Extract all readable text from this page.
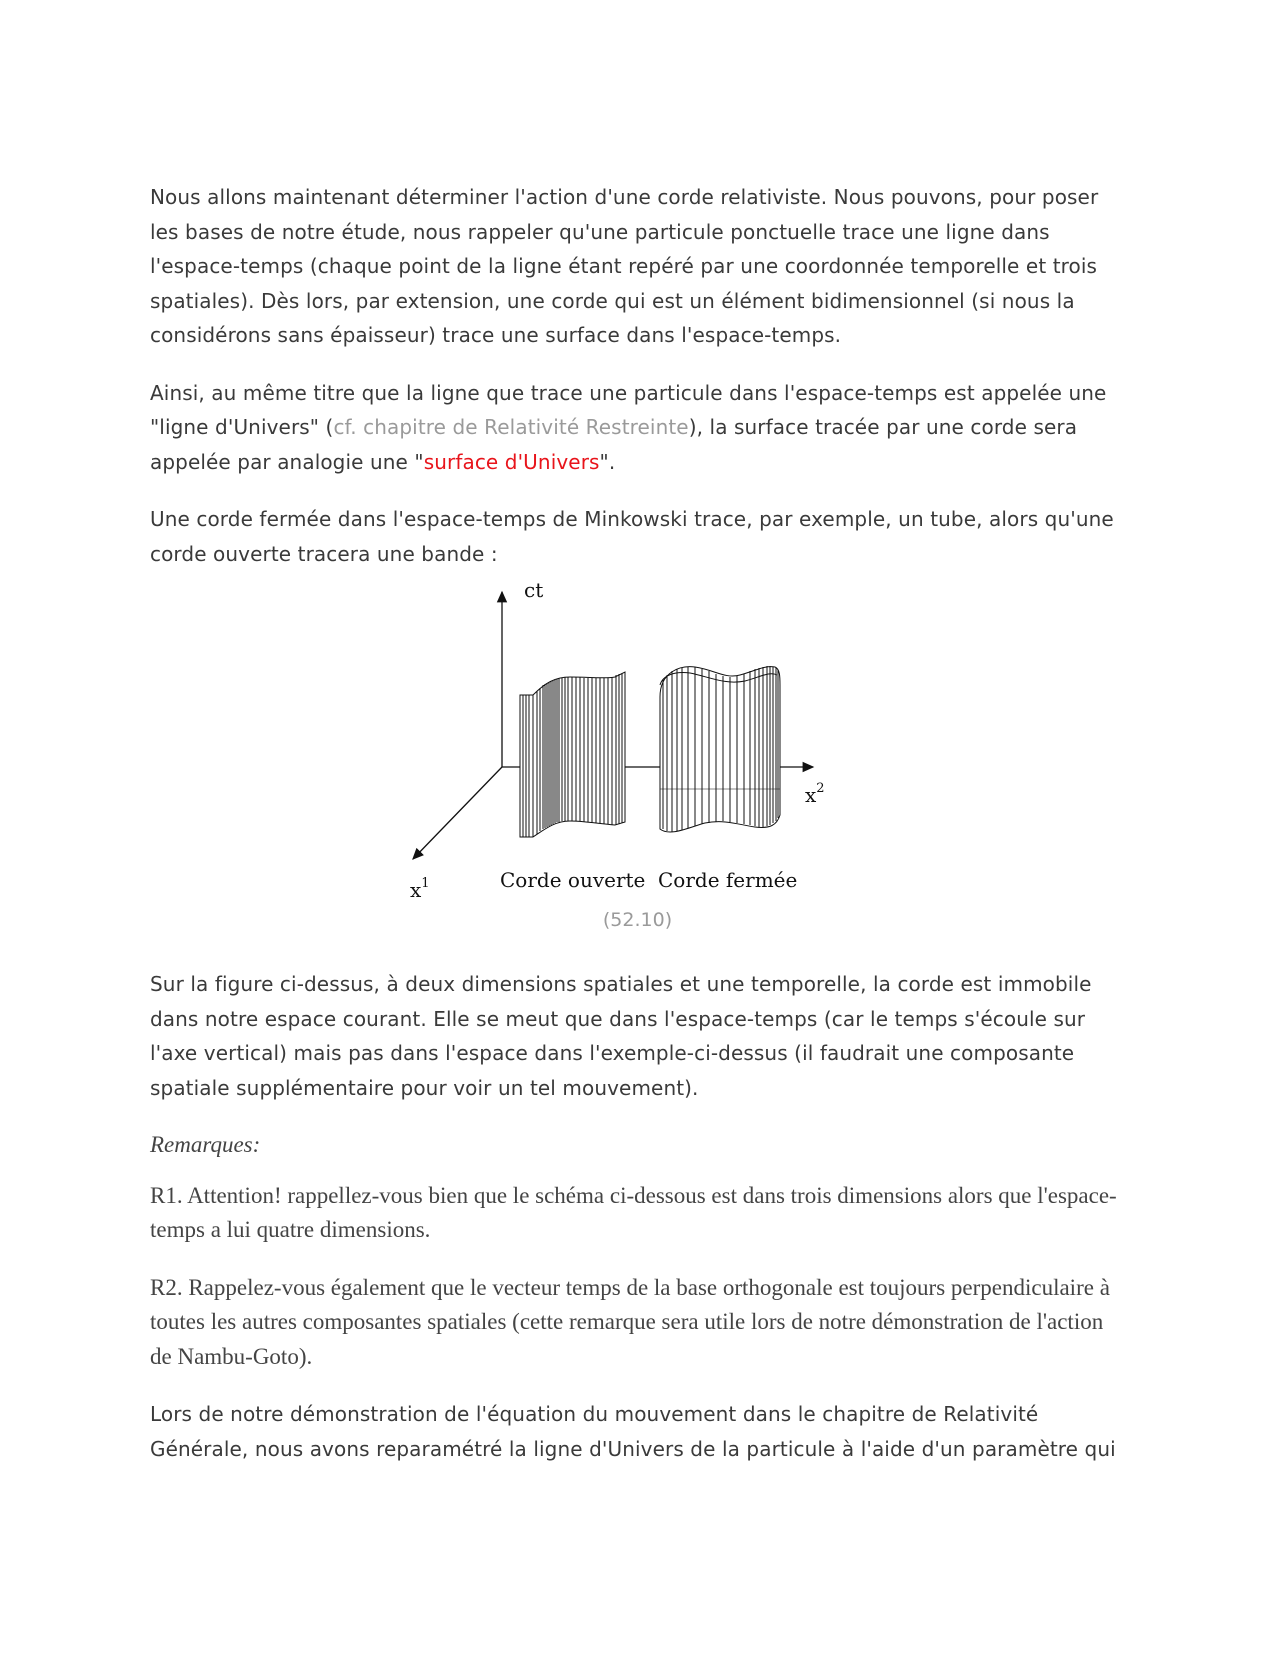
Nous allons maintenant déterminer l'action d'une corde relativiste. Nous pouvons, pour poser les bases de notre étude, nous rappeler qu'une particule ponctuelle trace une ligne dans l'espace-temps (chaque point de la ligne étant repéré par une coordonnée temporelle et trois spatiales). Dès lors, par extension, une corde qui est un élément bidimensionnel (si nous la considérons sans épaisseur) trace une surface dans l'espace-temps.

Ainsi, au même titre que la ligne que trace une particule dans l'espace-temps est appelée une "ligne d'Univers" (cf. chapitre de Relativité Restreinte), la surface tracée par une corde sera appelée par analogie une "surface d'Univers".

Une corde fermée dans l'espace-temps de Minkowski trace, par exemple, un tube, alors qu'une corde ouverte tracera une bande :

ct
$x^2$
$x^1$	Corde ouverte Corde fermée
(52.10)

Sur la figure ci-dessus, à deux dimensions spatiales et une temporelle, la corde est immobile dans notre espace courant. Elle se meut que dans l'espace-temps (car le temps s'écoule sur l'axe vertical) mais pas dans l'espace dans l'exemple-ci-dessus (il faudrait une composante spatiale supplémentaire pour voir un tel mouvement).

Remarques:

R1. Attention! rappellez-vous bien que le schéma ci-dessous est dans trois dimensions alors que l'espace-temps a lui quatre dimensions.

R2. Rappelez-vous également que le vecteur temps de la base orthogonale est toujours perpendiculaire à toutes les autres composantes spatiales (cette remarque sera utile lors de notre démonstration de l'action de Nambu-Goto).

Lors de notre démonstration de l'équation du mouvement dans le chapitre de Relativité Générale, nous avons reparamétré la ligne d'Univers de la particule à l'aide d'un paramètre qui
